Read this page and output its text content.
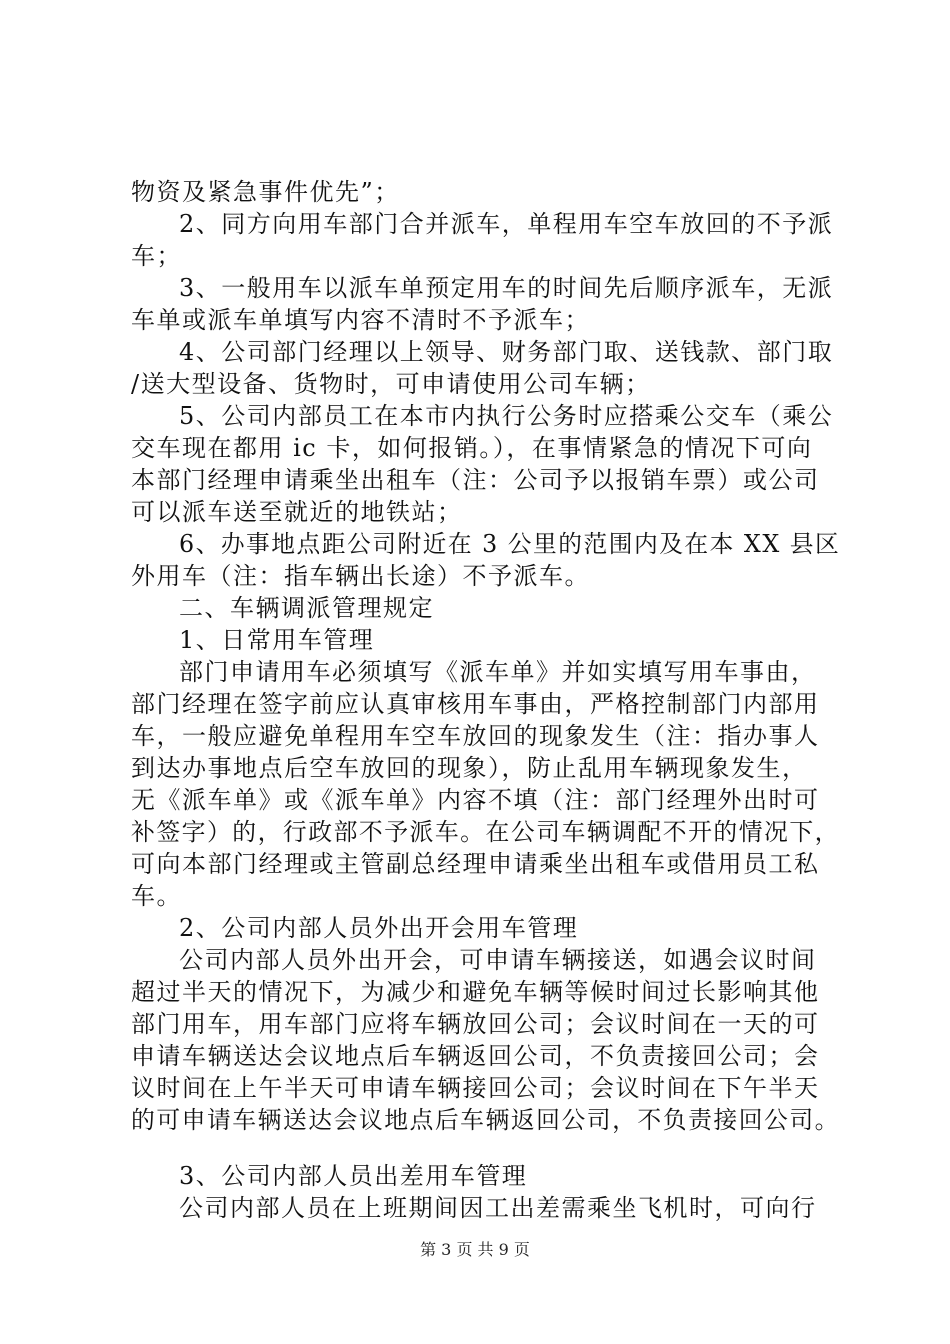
物资及紧急事件优先”；
2、同方向用车部门合并派车，单程用车空车放回的不予派
车；
3、一般用车以派车单预定用车的时间先后顺序派车，无派
车单或派车单填写内容不清时不予派车；
4、公司部门经理以上领导、财务部门取、送钱款、部门取
/送大型设备、货物时，可申请使用公司车辆；
5、公司内部员工在本市内执行公务时应搭乘公交车（乘公
交车现在都用 ic 卡，如何报销。），在事情紧急的情况下可向
本部门经理申请乘坐出租车（注：公司予以报销车票）或公司
可以派车送至就近的地铁站；
6、办事地点距公司附近在 3 公里的范围内及在本 XX 县区
外用车（注：指车辆出长途）不予派车。
二、车辆调派管理规定
1、日常用车管理
部门申请用车必须填写《派车单》并如实填写用车事由，
部门经理在签字前应认真审核用车事由，严格控制部门内部用
车，一般应避免单程用车空车放回的现象发生（注：指办事人
到达办事地点后空车放回的现象），防止乱用车辆现象发生，
无《派车单》或《派车单》内容不填（注：部门经理外出时可
补签字）的，行政部不予派车。在公司车辆调配不开的情况下，
可向本部门经理或主管副总经理申请乘坐出租车或借用员工私
车。
2、公司内部人员外出开会用车管理
公司内部人员外出开会，可申请车辆接送，如遇会议时间
超过半天的情况下，为减少和避免车辆等候时间过长影响其他
部门用车，用车部门应将车辆放回公司；会议时间在一天的可
申请车辆送达会议地点后车辆返回公司，不负责接回公司；会
议时间在上午半天可申请车辆接回公司；会议时间在下午半天
的可申请车辆送达会议地点后车辆返回公司，不负责接回公司。
3、公司内部人员出差用车管理
公司内部人员在上班期间因工出差需乘坐飞机时，可向行
第 3 页 共 9 页
